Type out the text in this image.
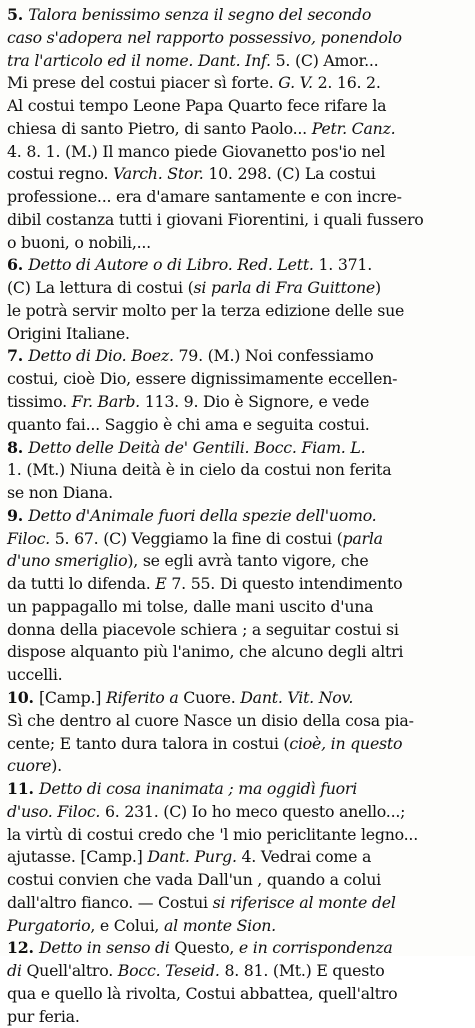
5. Talora benissimo senza il segno del secondo
caso s'adopera nel rapporto possessivo, ponendolo
tra l'articolo ed il nome. Dant. Inf. 5. (C) Amor...
Mi prese del costui piacer sì forte. G. V. 2. 16. 2.
Al costui tempo Leone Papa Quarto fece rifare la
chiesa di santo Pietro, di santo Paolo... Petr. Canz.
4. 8. 1. (M.) Il manco piede Giovanetto pos'io nel
costui regno. Varch. Stor. 10. 298. (C) La costui
professione... era d'amare santamente e con incre-
dibil costanza tutti i giovani Fiorentini, i quali fussero
o buoni, o nobili,...
6. Detto di Autore o di Libro. Red. Lett. 1. 371.
(C) La lettura di costui (si parla di Fra Guittone)
le potrà servir molto per la terza edizione delle sue
Origini Italiane.
7. Detto di Dio. Boez. 79. (M.) Noi confessiamo
costui, cioè Dio, essere dignissimamente eccellen-
tissimo. Fr. Barb. 113. 9. Dio è Signore, e vede
quanto fai... Saggio è chi ama e seguita costui.
8. Detto delle Deità de' Gentili. Bocc. Fiam. L.
1. (Mt.) Niuna deità è in cielo da costui non ferita
se non Diana.
9. Detto d'Animale fuori della spezie dell'uomo.
Filoc. 5. 67. (C) Veggiamo la fine di costui (parla
d'uno smeriglio), se egli avrà tanto vigore, che
da tutti lo difenda. E 7. 55. Di questo intendimento
un pappagallo mi tolse, dalle mani uscito d'una
donna della piacevole schiera ; a seguitar costui si
dispose alquanto più l'animo, che alcuno degli altri
uccelli.
10. [Camp.] Riferito a Cuore. Dant. Vit. Nov.
Sì che dentro al cuore Nasce un disio della cosa pia-
cente; E tanto dura talora in costui (cioè, in questo
cuore).
11. Detto di cosa inanimata ; ma oggidì fuori
d'uso. Filoc. 6. 231. (C) Io ho meco questo anello...;
la virtù di costui credo che 'l mio periclitante legno...
ajutasse. [Camp.] Dant. Purg. 4. Vedrai come a
costui convien che vada Dall'un , quando a colui
dall'altro fianco. — Costui si riferisce al monte del
Purgatorio, e Colui, al monte Sion.
12. Detto in senso di Questo, e in corrispondenza
di Quell'altro. Bocc. Teseid. 8. 81. (Mt.) E questo
qua e quello là rivolta, Costui abbattea, quell'altro
pur feria.
